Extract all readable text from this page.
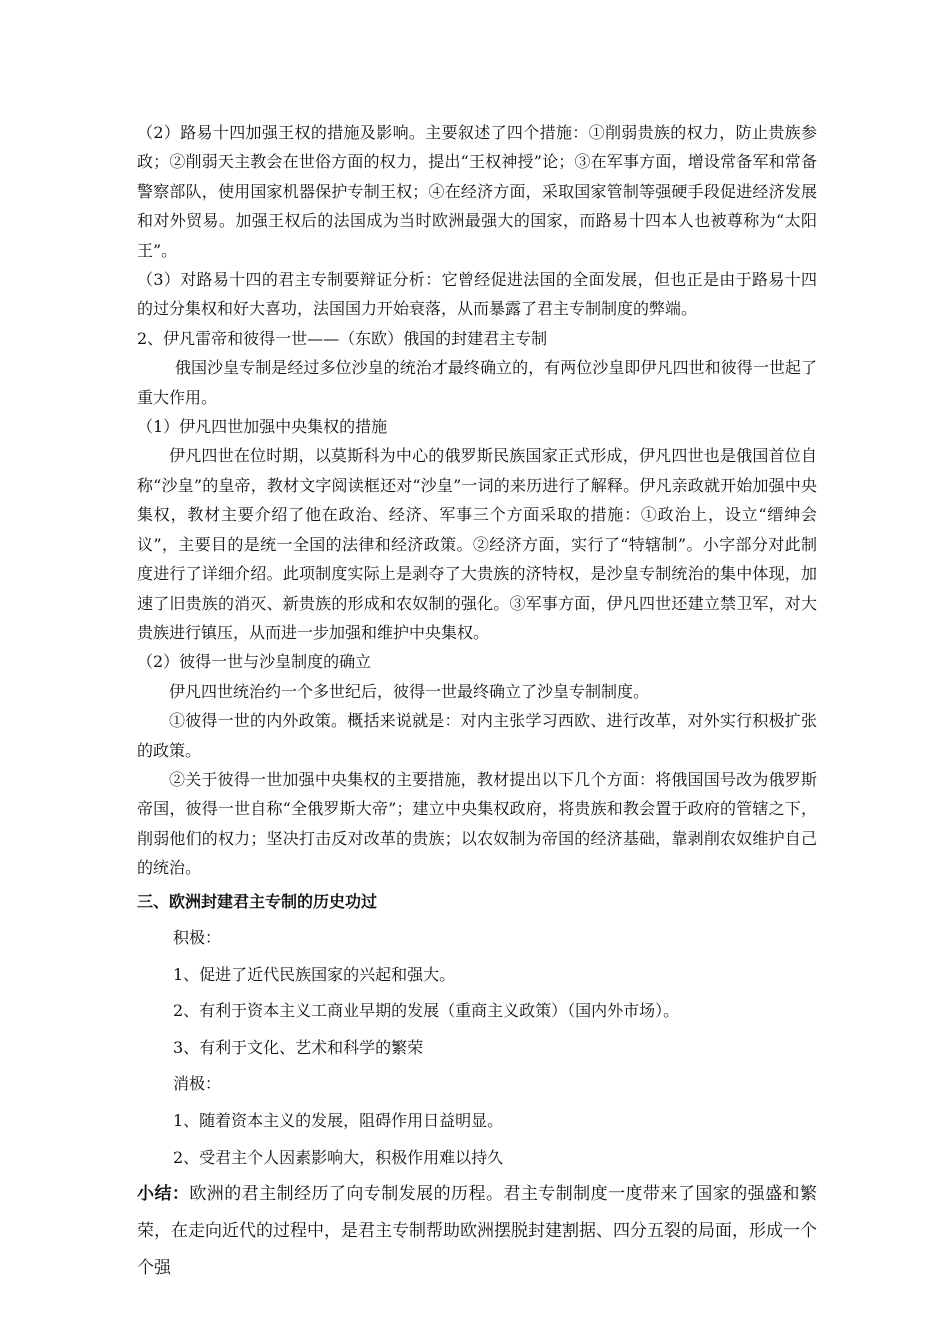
（2）路易十四加强王权的措施及影响。主要叙述了四个措施：①削弱贵族的权力，防止贵族参政；②削弱天主教会在世俗方面的权力，提出“王权神授”论；③在军事方面，增设常备军和常备警察部队，使用国家机器保护专制王权；④在经济方面，采取国家管制等强硬手段促进经济发展和对外贸易。加强王权后的法国成为当时欧洲最强大的国家，而路易十四本人也被尊称为“太阳王”。

（3）对路易十四的君主专制要辩证分析：它曾经促进法国的全面发展，但也正是由于路易十四的过分集权和好大喜功，法国国力开始衰落，从而暴露了君主专制制度的弊端。

2、伊凡雷帝和彼得一世——（东欧）俄国的封建君主专制

俄国沙皇专制是经过多位沙皇的统治才最终确立的，有两位沙皇即伊凡四世和彼得一世起了重大作用。

（1）伊凡四世加强中央集权的措施

伊凡四世在位时期，以莫斯科为中心的俄罗斯民族国家正式形成，伊凡四世也是俄国首位自称“沙皇”的皇帝，教材文字阅读框还对“沙皇”一词的来历进行了解释。伊凡亲政就开始加强中央集权，教材主要介绍了他在政治、经济、军事三个方面采取的措施：①政治上，设立“缙绅会议”，主要目的是统一全国的法律和经济政策。②经济方面，实行了“特辖制”。小字部分对此制度进行了详细介绍。此项制度实际上是剥夺了大贵族的济特权，是沙皇专制统治的集中体现，加速了旧贵族的消灭、新贵族的形成和农奴制的强化。③军事方面，伊凡四世还建立禁卫军，对大贵族进行镇压，从而进一步加强和维护中央集权。

（2）彼得一世与沙皇制度的确立

伊凡四世统治约一个多世纪后，彼得一世最终确立了沙皇专制制度。

①彼得一世的内外政策。概括来说就是：对内主张学习西欧、进行改革，对外实行积极扩张的政策。

②关于彼得一世加强中央集权的主要措施，教材提出以下几个方面：将俄国国号改为俄罗斯帝国，彼得一世自称“全俄罗斯大帝”；建立中央集权政府，将贵族和教会置于政府的管辖之下，削弱他们的权力；坚决打击反对改革的贵族；以农奴制为帝国的经济基础，靠剥削农奴维护自己的统治。

三、欧洲封建君主专制的历史功过

积极：

1、促进了近代民族国家的兴起和强大。

2、有利于资本主义工商业早期的发展（重商主义政策）（国内外市场）。

3、有利于文化、艺术和科学的繁荣

消极：

1、随着资本主义的发展，阻碍作用日益明显。

2、受君主个人因素影响大，积极作用难以持久

小结：欧洲的君主制经历了向专制发展的历程。君主专制制度一度带来了国家的强盛和繁荣，在走向近代的过程中，是君主专制帮助欧洲摆脱封建割据、四分五裂的局面，形成一个个强
